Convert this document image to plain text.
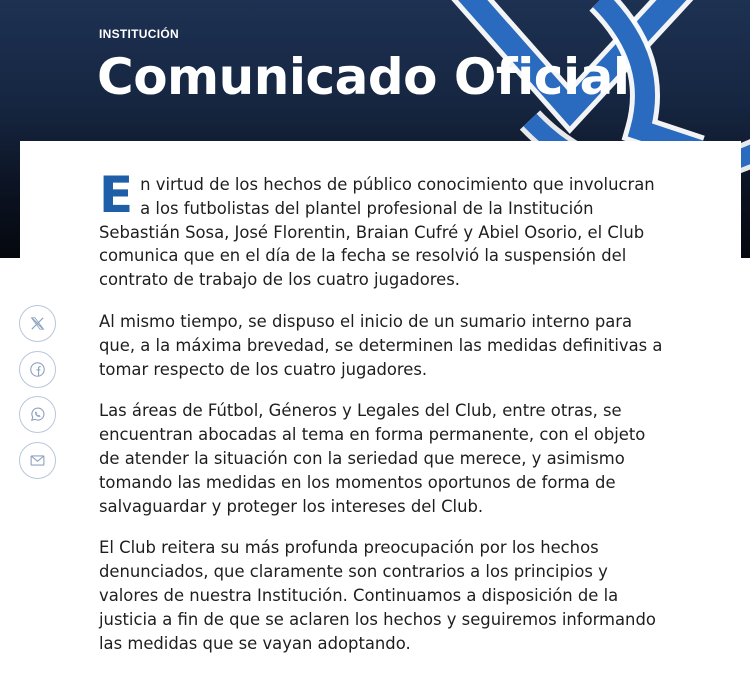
INSTITUCIÓN
Comunicado Oficial

En virtud de los hechos de público conocimiento que involucran a los futbolistas del plantel profesional de la Institución Sebastián Sosa, José Florentin, Braian Cufré y Abiel Osorio, el Club comunica que en el día de la fecha se resolvió la suspensión del contrato de trabajo de los cuatro jugadores.

Al mismo tiempo, se dispuso el inicio de un sumario interno para que, a la máxima brevedad, se determinen las medidas definitivas a tomar respecto de los cuatro jugadores.

Las áreas de Fútbol, Géneros y Legales del Club, entre otras, se encuentran abocadas al tema en forma permanente, con el objeto de atender la situación con la seriedad que merece, y asimismo tomando las medidas en los momentos oportunos de forma de salvaguardar y proteger los intereses del Club.

El Club reitera su más profunda preocupación por los hechos denunciados, que claramente son contrarios a los principios y valores de nuestra Institución. Continuamos a disposición de la justicia a fin de que se aclaren los hechos y seguiremos informando las medidas que se vayan adoptando.
